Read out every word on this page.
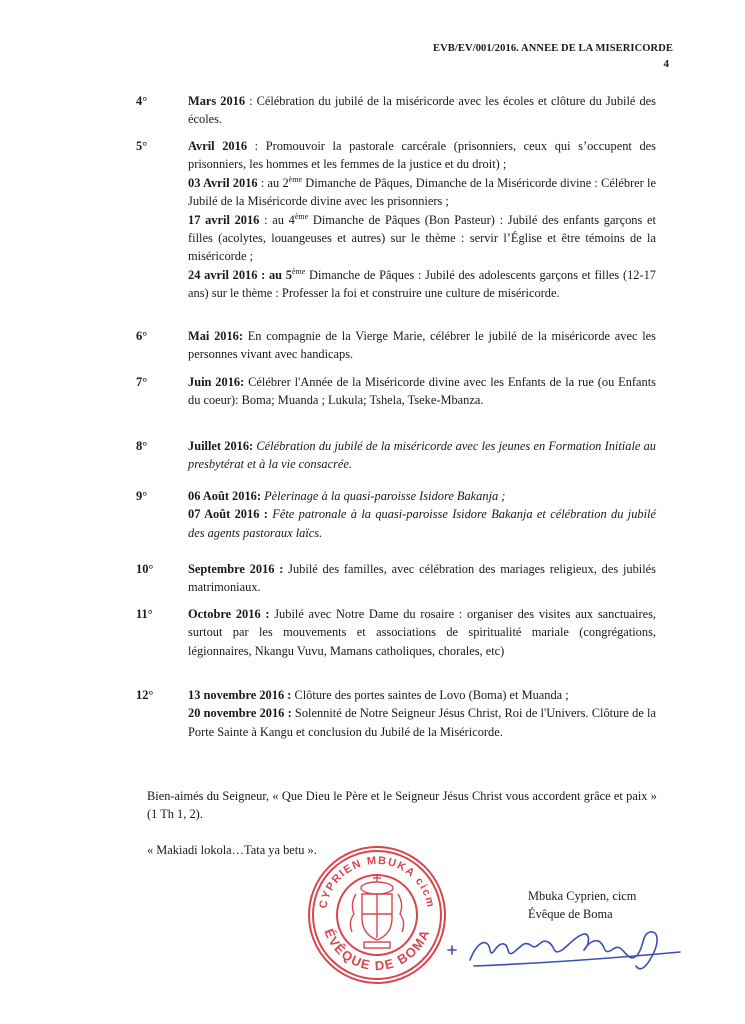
EVB/EV/001/2016. ANNEE DE LA MISERICORDE
4
4°	Mars 2016 : Célébration du jubilé de la miséricorde avec les écoles et clôture du Jubilé des écoles.

5°	Avril 2016 : Promouvoir la pastorale carcérale (prisonniers, ceux qui s’occupent des prisonniers, les hommes et les femmes de la justice et du droit) ;
03 Avril 2016 : au 2ème Dimanche de Pâques, Dimanche de la Miséricorde divine : Célébrer le Jubilé de la Miséricorde divine avec les prisonniers ;
17 avril 2016 : au 4ème Dimanche de Pâques (Bon Pasteur) : Jubilé des enfants garçons et filles (acolytes, louangeuses et autres) sur le thème : servir l’Église et être témoins de la miséricorde ;
24 avril 2016 : au 5ème Dimanche de Pâques : Jubilé des adolescents garçons et filles (12-17 ans) sur le thème : Professer la foi et construire une culture de miséricorde.

6°	Mai 2016: En compagnie de la Vierge Marie, célébrer le jubilé de la miséricorde avec les personnes vivant avec handicaps.

7°	Juin 2016: Célébrer l'Année de la Miséricorde divine avec les Enfants de la rue (ou Enfants du coeur): Boma; Muanda ; Lukula; Tshela, Tseke-Mbanza.

8°	Juillet 2016: Célébration du jubilé de la miséricorde avec les jeunes en Formation Initiale au presbytérat et à la vie consacrée.

9°	06 Août 2016: Pèlerinage à la quasi-paroisse Isidore Bakanja ;
07 Août 2016 : Fête patronale à la quasi-paroisse Isidore Bakanja et célébration du jubilé des agents pastoraux laïcs.

10°	Septembre 2016 : Jubilé des familles, avec célébration des mariages religieux, des jubilés matrimoniaux.

11°	Octobre 2016 : Jubilé avec Notre Dame du rosaire : organiser des visites aux sanctuaires, surtout par les mouvements et associations de spiritualité mariale (congrégations, légionnaires, Nkangu Vuvu, Mamans catholiques, chorales, etc)

12°	13 novembre 2016 : Clôture des portes saintes de Lovo (Boma) et Muanda ;
20 novembre 2016 : Solennité de Notre Seigneur Jésus Christ, Roi de l'Univers. Clôture de la Porte Sainte à Kangu et conclusion du Jubilé de la Miséricorde.

Bien-aimés du Seigneur, « Que Dieu le Père et le Seigneur Jésus Christ vous accordent grâce et paix » (1 Th 1, 2).
« Makiadi lokola…Tata ya betu ».
Mbuka Cyprien, cicm
Évêque de Boma
CYPRIEN MBUKA cicm
ÉVÊQUE DE BOMA
